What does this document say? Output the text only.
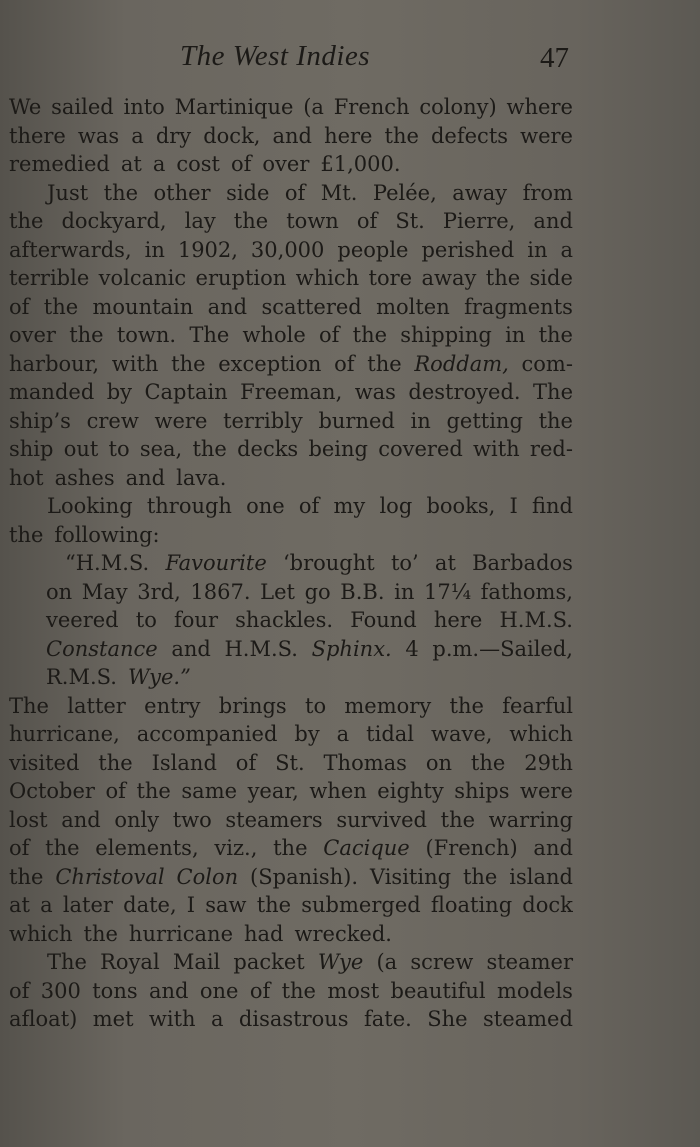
The West Indies	47
We sailed into Martinique (a French colony) where
there was a dry dock, and here the defects were
remedied at a cost of over £1,000.
Just the other side of Mt. Pelée, away from
the dockyard, lay the town of St. Pierre, and
afterwards, in 1902, 30,000 people perished in a
terrible volcanic eruption which tore away the side
of the mountain and scattered molten fragments
over the town. The whole of the shipping in the
harbour, with the exception of the Roddam, com-
manded by Captain Freeman, was destroyed. The
ship’s crew were terribly burned in getting the
ship out to sea, the decks being covered with red-
hot ashes and lava.
Looking through one of my log books, I find
the following:
“H.M.S. Favourite ‘brought to’ at Barbados
on May 3rd, 1867. Let go B.B. in 17¼ fathoms,
veered to four shackles. Found here H.M.S.
Constance and H.M.S. Sphinx. 4 p.m.—Sailed,
R.M.S. Wye.”
The latter entry brings to memory the fearful
hurricane, accompanied by a tidal wave, which
visited the Island of St. Thomas on the 29th
October of the same year, when eighty ships were
lost and only two steamers survived the warring
of the elements, viz., the Cacique (French) and
the Christoval Colon (Spanish). Visiting the island
at a later date, I saw the submerged floating dock
which the hurricane had wrecked.
The Royal Mail packet Wye (a screw steamer
of 300 tons and one of the most beautiful models
afloat) met with a disastrous fate. She steamed
